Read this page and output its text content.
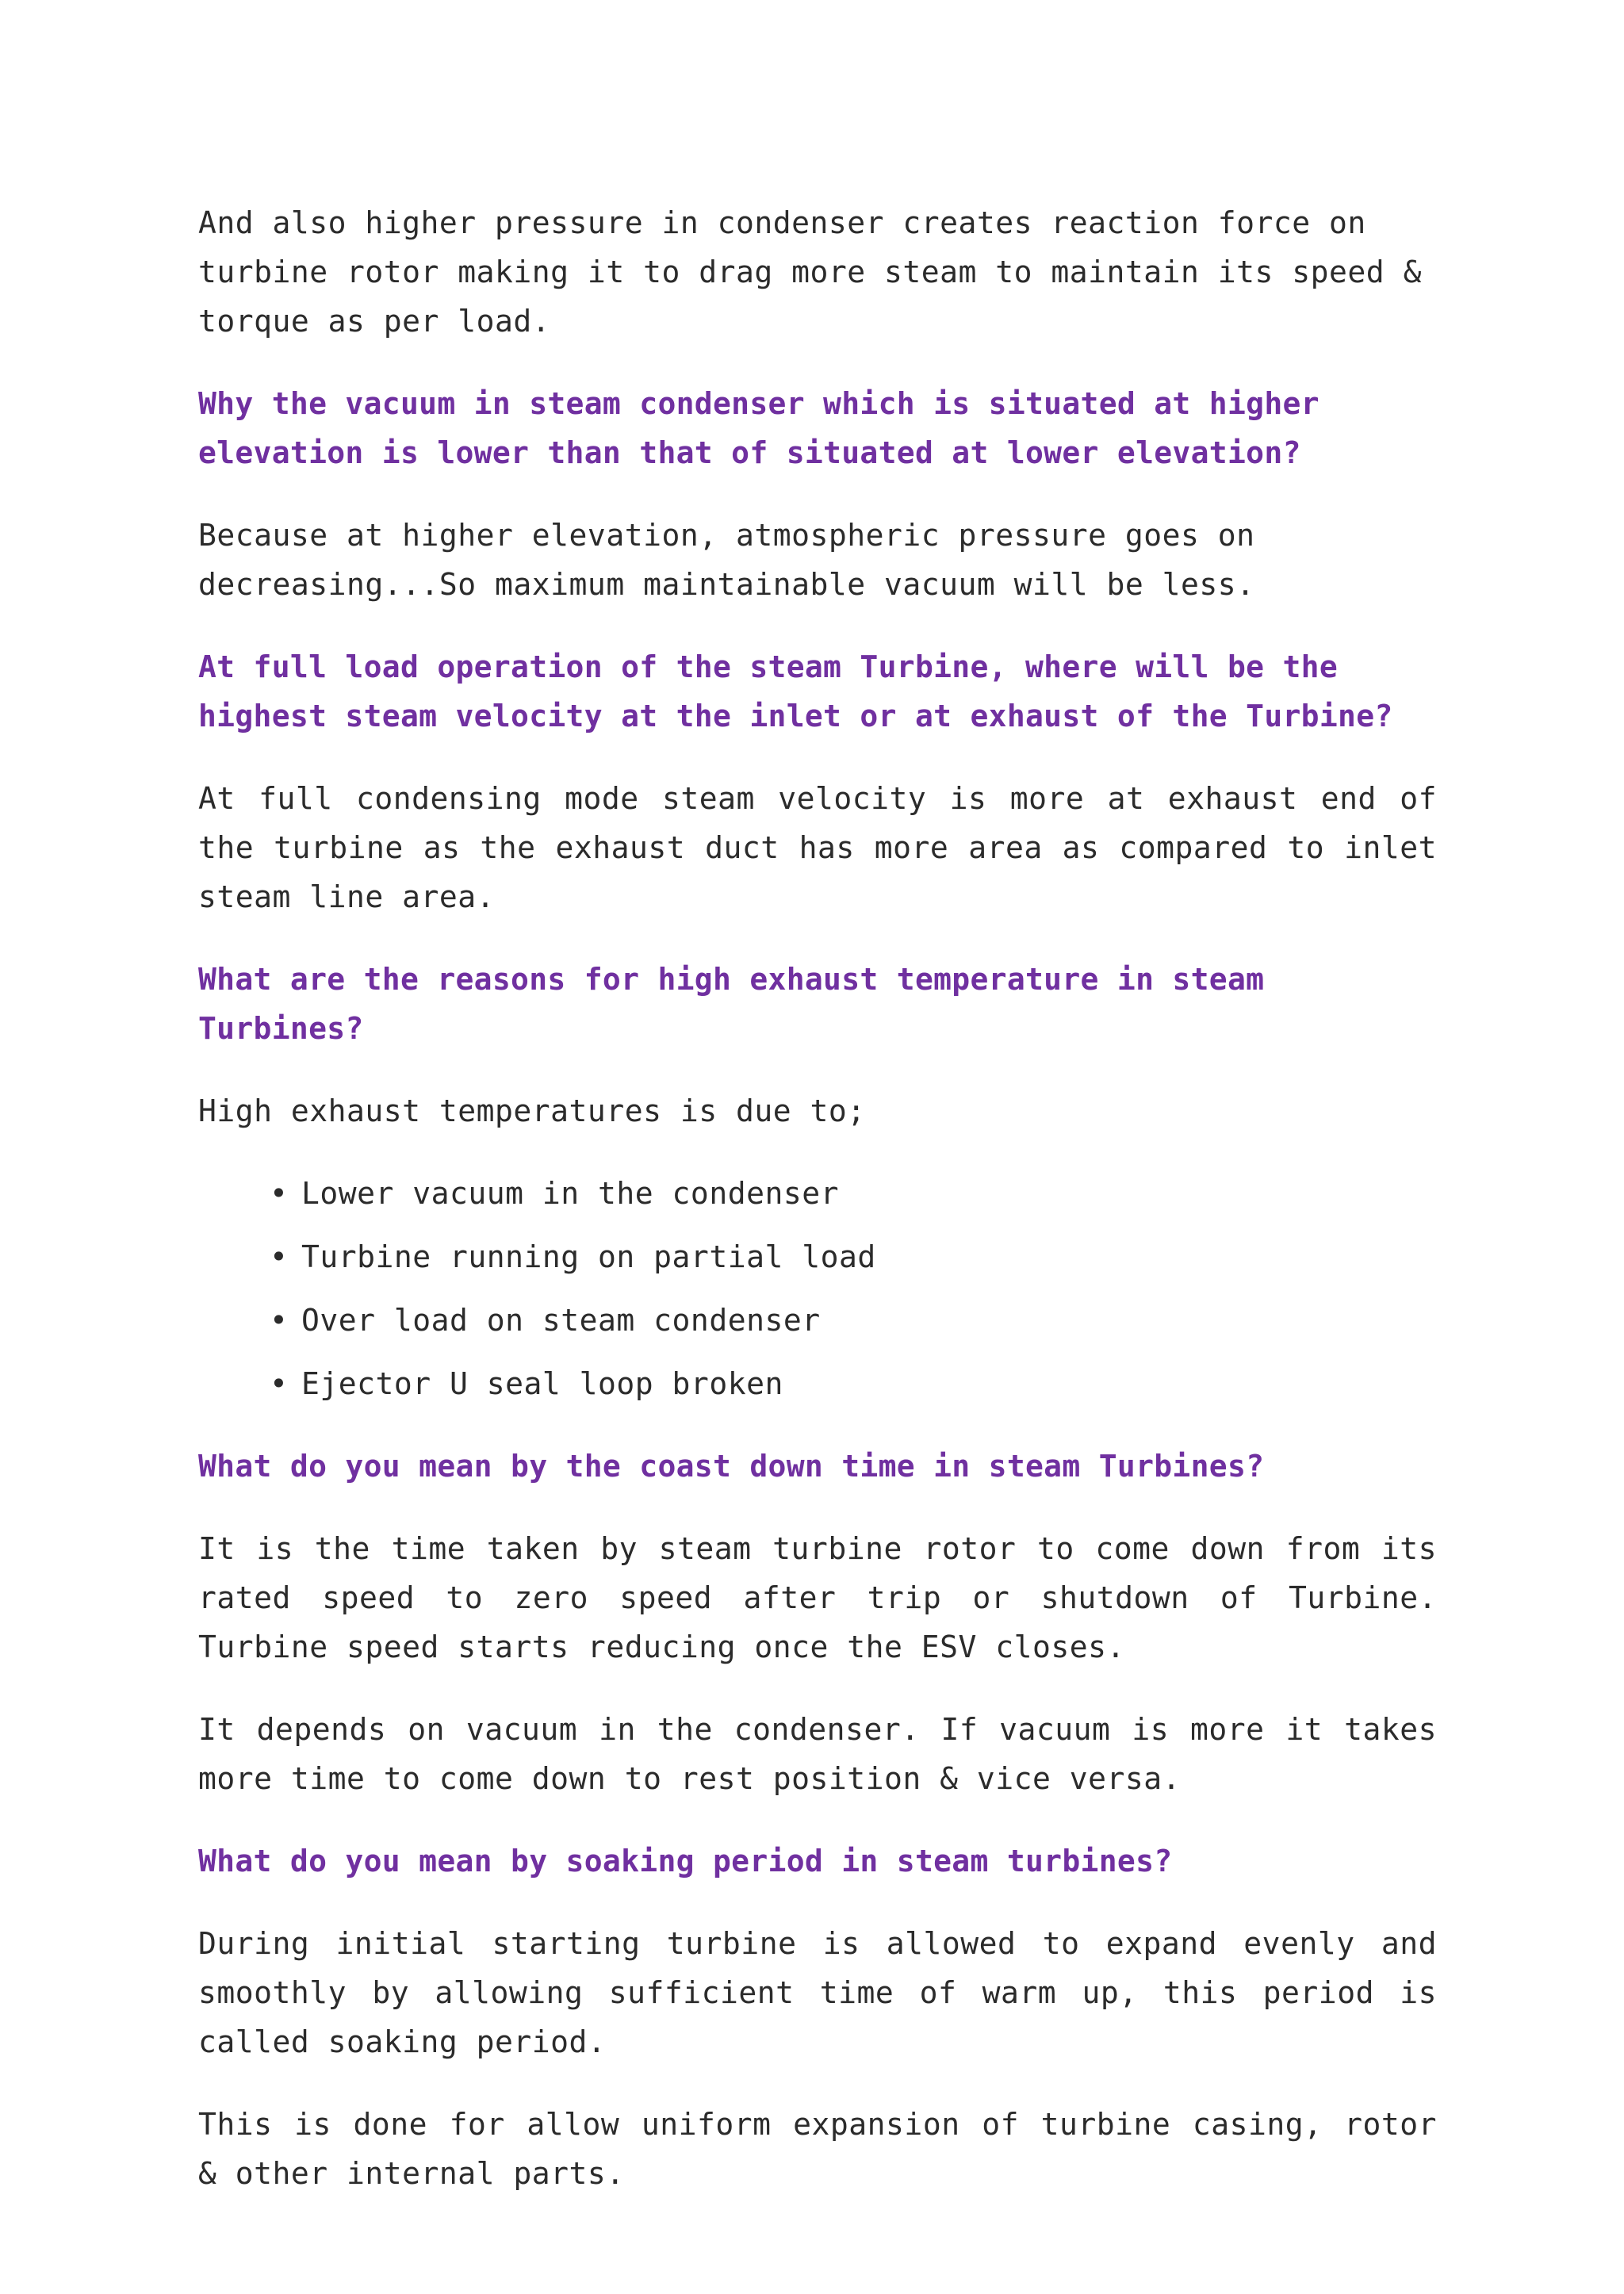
And also higher pressure in condenser creates reaction force on turbine rotor making it to drag more steam to maintain its speed & torque as per load.

Why the vacuum in steam condenser which is situated at higher elevation is lower than that of situated at lower elevation?

Because at higher elevation, atmospheric pressure goes on decreasing...So maximum maintainable vacuum will be less.

At full load operation of the steam Turbine, where will be the highest steam velocity at the inlet or at exhaust of the Turbine?

At full condensing mode steam velocity is more at exhaust end of the turbine as the exhaust duct has more area as compared to inlet steam line area.

What are the reasons for high exhaust temperature in steam Turbines?

High exhaust temperatures is due to;

• Lower vacuum in the condenser
• Turbine running on partial load
• Over load on steam condenser
• Ejector U seal loop broken
What do you mean by the coast down time in steam Turbines?

It is the time taken by steam turbine rotor to come down from its rated speed to zero speed after trip or shutdown of Turbine. Turbine speed starts reducing once the ESV closes.

It depends on vacuum in the condenser. If vacuum is more it takes more time to come down to rest position & vice versa.

What do you mean by soaking period in steam turbines?

During initial starting turbine is allowed to expand evenly and smoothly by allowing sufficient time of warm up, this period is called soaking period.

This is done for allow uniform expansion of turbine casing, rotor & other internal parts.
